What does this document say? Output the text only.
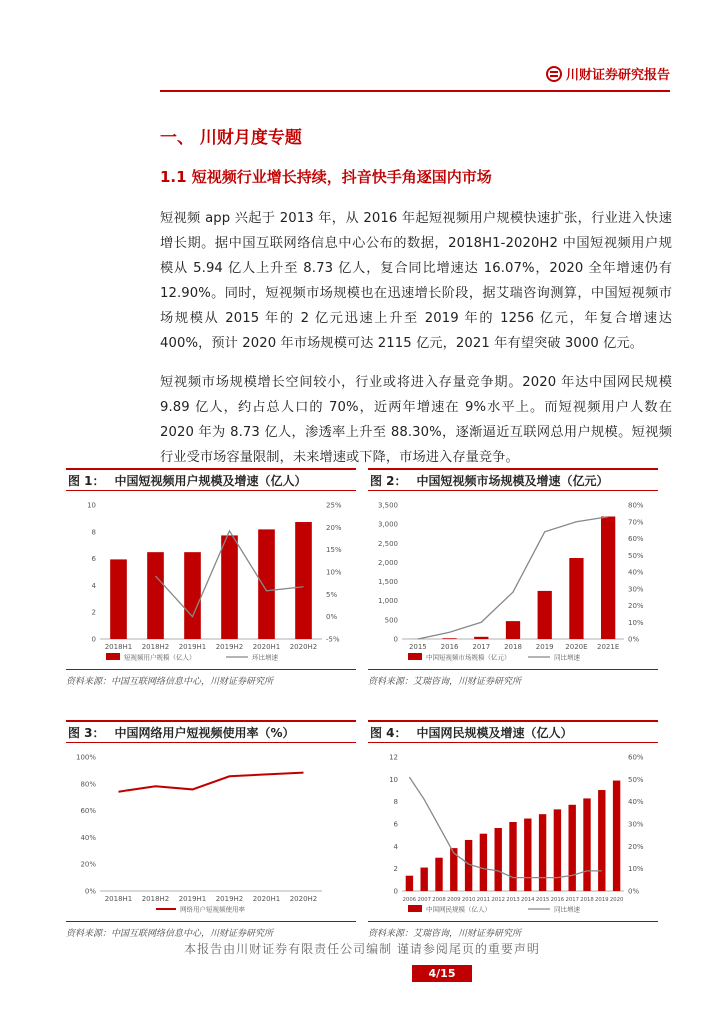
川财证券研究报告
一、 川财月度专题
1.1 短视频行业增长持续，抖音快手角逐国内市场
短视频 app 兴起于 2013 年，从 2016 年起短视频用户规模快速扩张，行业进入快速增长期。据中国互联网络信息中心公布的数据，2018H1-2020H2 中国短视频用户规模从 5.94 亿人上升至 8.73 亿人，复合同比增速达 16.07%，2020 全年增速仍有 12.90%。同时，短视频市场规模也在迅速增长阶段，据艾瑞咨询测算，中国短视频市场规模从 2015 年的 2 亿元迅速上升至 2019 年的 1256 亿元，年复合增速达 400%，预计 2020 年市场规模可达 2115 亿元，2021 年有望突破 3000 亿元。
短视频市场规模增长空间较小，行业或将进入存量竞争期。2020 年达中国网民规模 9.89 亿人，约占总人口的 70%，近两年增速在 9%水平上。而短视频用户人数在 2020 年为 8.73 亿人，渗透率上升至 88.30%，逐渐逼近互联网总用户规模。短视频行业受市场容量限制，未来增速或下降，市场进入存量竞争。
图 1： 中国短视频用户规模及增速（亿人）
0
2
4
6
8
10
-5%
0%
5%
10%
15%
20%
25%
2018H1 2018H2 2019H1 2019H2 2020H1 2020H2
短视频用户规模（亿人）	环比增速
资料来源：中国互联网络信息中心，川财证券研究所
图 2： 中国短视频市场规模及增速（亿元）
0
500
1,000
1,500
2,000
2,500
3,000
3,500
0%
10%
20%
30%
40%
50%
60%
70%
80%
2015 2016 2017 2018 2019 2020E 2021E
中国短视频市场规模（亿元）	同比增速
资料来源：艾瑞咨询，川财证券研究所
图 3： 中国网络用户短视频使用率（%）
0%
20%
40%
60%
80%
100%
2018H1 2018H2 2019H1 2019H2 2020H1 2020H2
网络用户短视频使用率
资料来源：中国互联网络信息中心，川财证券研究所
图 4： 中国网民规模及增速（亿人）
0
2
4
6
8
10
12
0%
10%
20%
30%
40%
50%
60%
2006 2007 2008 2009 2010 2011 2012 2013 2014 2015 2016 2017 2018 2019 2020
中国网民规模（亿人）	同比增速
资料来源：艾瑞咨询，川财证券研究所
本报告由川财证券有限责任公司编制 谨请参阅尾页的重要声明
4/15
